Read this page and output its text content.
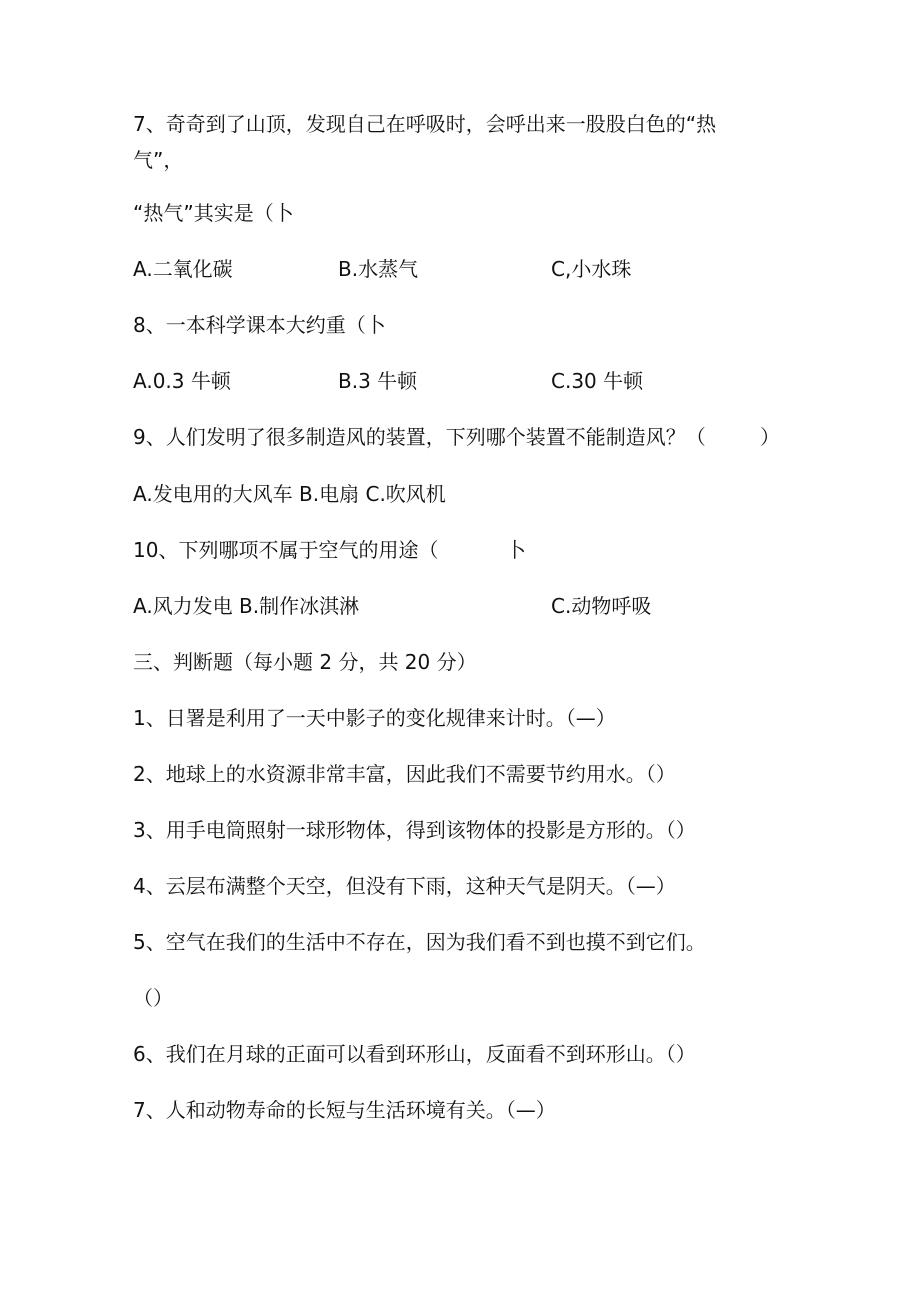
7、奇奇到了山顶，发现自己在呼吸时，会呼出来一股股白色的“热

气”，

“热气”其实是（卜

A.二氧化碳	B.水蒸气	C,小水珠

8、一本科学课本大约重（卜

A.0.3 牛顿	B.3 牛顿	C.30 牛顿

9、人们发明了很多制造风的装置，下列哪个装置不能制造风？（	）

A.发电用的大风车 B.电扇 C.吹风机

10、下列哪项不属于空气的用途（	卜

A.风力发电 B.制作冰淇淋	C.动物呼吸

三、判断题（每小题 2 分，共 20 分）

1、日署是利用了一天中影子的变化规律来计时。（—）

2、地球上的水资源非常丰富，因此我们不需要节约用水。（）

3、用手电筒照射一球形物体，得到该物体的投影是方形的。（）

4、云层布满整个天空，但没有下雨，这种天气是阴天。（—）

5、空气在我们的生活中不存在，因为我们看不到也摸不到它们。

（）

6、我们在月球的正面可以看到环形山，反面看不到环形山。（）

7、人和动物寿命的长短与生活环境有关。（—）
